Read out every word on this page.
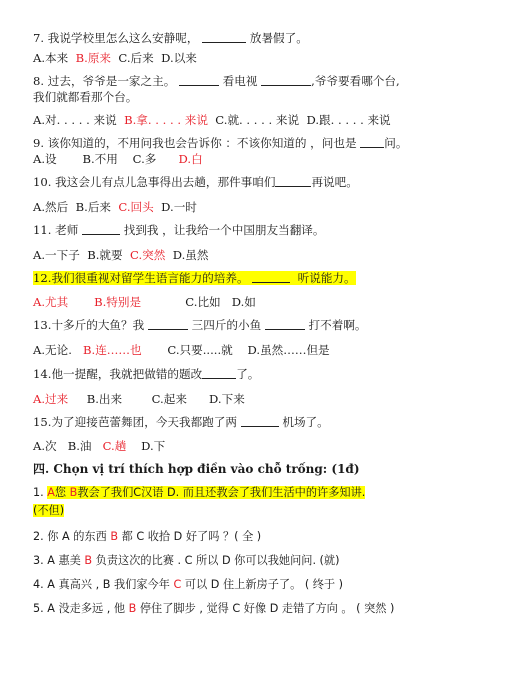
7. 我说学校里怎么这么安静呢，	放暑假了。
A.本来 B.原来 C.后来 D.以来
8. 过去，爷爷是一家之主。	看电视	,爷爷要看哪个台,
我们就都看那个台。
A.对. . . . . 来说 B.拿. . . . . 来说 C.就. . . . . 来说 D.跟. . . . . 来说
9. 该你知道的，不用问我也会告诉你 ：不该你知道的 ，问也是 问。
A.设 B.不用 C.多 D.白
10. 我这会儿有点儿急事得出去趟，那件事咱们	再说吧。
A.然后 B.后来 C.回头 D.一时
11. 老师	找到我 ，让我给一个中国朋友当翻译。
A.一下子 B.就要 C.突然 D.虽然
12.我们很重视对留学生语言能力的培养。	听说能力。
A.尤其 B.特别是	C.比如 D.如
13.十多斤的大鱼？我	三四斤的小鱼	打不着啊。
A.无论. B.连……也 C.只要.....就 D.虽然……但是
14.他一提醒，我就把做错的题改	了。
A.过来 B.出来	C.起来 D.下来
15.为了迎接芭蕾舞团，今天我都跑了两	机场了。
A.次 B.油 C.趟 D.下
四. Chọn vị trí thích hợp điền vào chỗ trống: (1đ)
1. A您 B教会了我们C汉语 D. 而且还教会了我们生活中的许多知讲.
(不但)
2. 你 A 的东西 B 都 C 收拾 D 好了吗 ？( 全 )
3. A 惠美 B 负责这次的比赛 . C 所以 D 你可以我她问问. (就)
4. A 真高兴 , B 我们家今年 C 可以 D 住上新房子了。 ( 终于 )
5. A 没走多远 , 他 B 停住了脚步 , 觉得 C 好像 D 走错了方向 。 ( 突然 )
